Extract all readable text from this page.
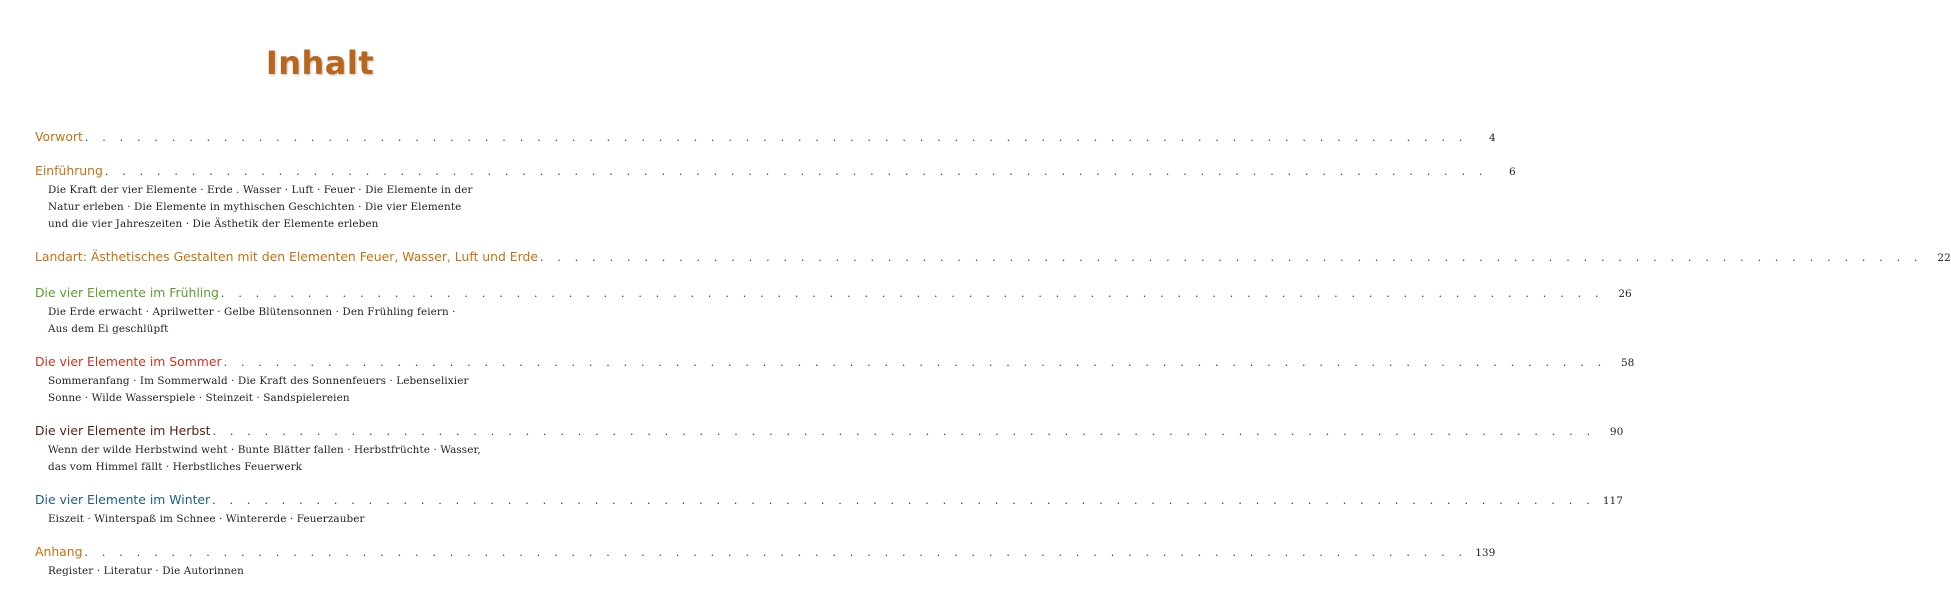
Inhalt
Vorwort . . . . . . . . . . . . . . . . . . . . . . . . . . . . . . . . . . . . . . . . . . . . . . . . . . . . . . . . . . . . . . . . . . . . . . . . . . . . . . . .	4
Einführung . . . . . . . . . . . . . . . . . . . . . . . . . . . . . . . . . . . . . . . . . . . . . . . . . . . . . . . . . . . . . . . . . . . . . . . . . . . . . . . .	6
Die Kraft der vier Elemente · Erde . Wasser · Luft · Feuer · Die Elemente in der
Natur erleben · Die Elemente in mythischen Geschichten · Die vier Elemente
und die vier Jahreszeiten · Die Ästhetik der Elemente erleben
Landart: Ästhetisches Gestalten mit den Elementen Feuer, Wasser, Luft und Erde . . . . . . . . . . . . . . . . . . . . . . . . . . . . . . . . . . . . . . . . . . . . . . . . . . . . . . . . . . . . . . . . . . . . . . . . . . . . . . . .	22
Die vier Elemente im Frühling . . . . . . . . . . . . . . . . . . . . . . . . . . . . . . . . . . . . . . . . . . . . . . . . . . . . . . . . . . . . . . . . . . . . . . . . . . . . . . . .	26
Die Erde erwacht · Aprilwetter · Gelbe Blütensonnen · Den Frühling feiern ·
Aus dem Ei geschlüpft
Die vier Elemente im Sommer . . . . . . . . . . . . . . . . . . . . . . . . . . . . . . . . . . . . . . . . . . . . . . . . . . . . . . . . . . . . . . . . . . . . . . . . . . . . . . . .	58
Sommeranfang · Im Sommerwald · Die Kraft des Sonnenfeuers · Lebenselixier
Sonne · Wilde Wasserspiele · Steinzeit · Sandspielereien
Die vier Elemente im Herbst . . . . . . . . . . . . . . . . . . . . . . . . . . . . . . . . . . . . . . . . . . . . . . . . . . . . . . . . . . . . . . . . . . . . . . . . . . . . . . . .	90
Wenn der wilde Herbstwind weht · Bunte Blätter fallen · Herbstfrüchte · Wasser,
das vom Himmel fällt · Herbstliches Feuerwerk
Die vier Elemente im Winter . . . . . . . . . . . . . . . . . . . . . . . . . . . . . . . . . . . . . . . . . . . . . . . . . . . . . . . . . . . . . . . . . . . . . . . . . . . . . . . . 117
Eiszeit · Winterspaß im Schnee · Wintererde · Feuerzauber
Anhang . . . . . . . . . . . . . . . . . . . . . . . . . . . . . . . . . . . . . . . . . . . . . . . . . . . . . . . . . . . . . . . . . . . . . . . . . . . . . . . . 139
Register · Literatur · Die Autorinnen
